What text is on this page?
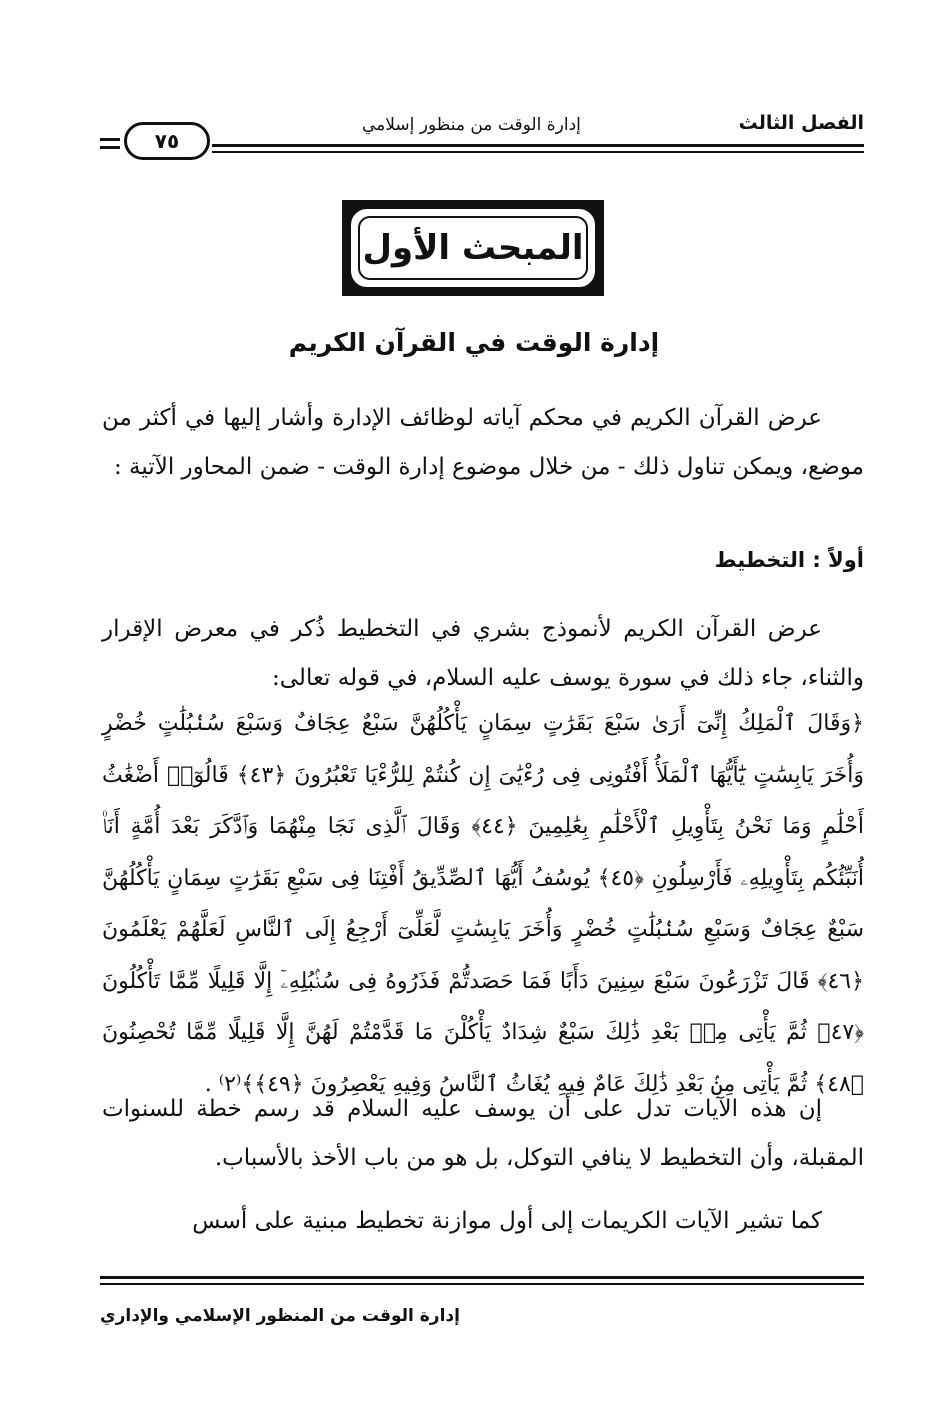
الفصل الثالث
إدارة الوقت من منظور إسلامي
٧٥
المبحث الأول
إدارة الوقت في القرآن الكريم

عرض القرآن الكريم في محكم آياته لوظائف الإدارة وأشار إليها في أكثر من موضع، ويمكن تناول ذلك - من خلال موضوع إدارة الوقت - ضمن المحاور الآتية :

أولاً : التخطيط

عرض القرآن الكريم لأنموذج بشري في التخطيط ذُكر في معرض الإقرار والثناء، جاء ذلك في سورة يوسف عليه السلام، في قوله تعالى:

﴿وَقَالَ ٱلْمَلِكُ إِنِّىٓ أَرَىٰ سَبْعَ بَقَرَٰتٍ سِمَانٍ يَأْكُلُهُنَّ سَبْعٌ عِجَافٌ وَسَبْعَ سُنۢبُلَٰتٍ خُضْرٍ وَأُخَرَ يَابِسَٰتٍ يَٰٓأَيُّهَا ٱلْمَلَأُ أَفْتُونِى فِى رُءْيَٰىَ إِن كُنتُمْ لِلرُّءْيَا تَعْبُرُونَ ﴿٤٣﴾ قَالُوٓا۟ أَضْغَٰثُ أَحْلَٰمٍ وَمَا نَحْنُ بِتَأْوِيلِ ٱلْأَحْلَٰمِ بِعَٰلِمِينَ ﴿٤٤﴾ وَقَالَ ٱلَّذِى نَجَا مِنْهُمَا وَٱدَّكَرَ بَعْدَ أُمَّةٍ أَنَا۠ أُنَبِّئُكُم بِتَأْوِيلِهِۦ فَأَرْسِلُونِ ﴿٤٥﴾ يُوسُفُ أَيُّهَا ٱلصِّدِّيقُ أَفْتِنَا فِى سَبْعِ بَقَرَٰتٍ سِمَانٍ يَأْكُلُهُنَّ سَبْعٌ عِجَافٌ وَسَبْعِ سُنۢبُلَٰتٍ خُضْرٍ وَأُخَرَ يَابِسَٰتٍ لَّعَلِّىٓ أَرْجِعُ إِلَى ٱلنَّاسِ لَعَلَّهُمْ يَعْلَمُونَ ﴿٤٦﴾ قَالَ تَزْرَعُونَ سَبْعَ سِنِينَ دَأَبًا فَمَا حَصَدتُّمْ فَذَرُوهُ فِى سُنۢبُلِهِۦٓ إِلَّا قَلِيلًا مِّمَّا تَأْكُلُونَ ﴿٤٧﴾ ثُمَّ يَأْتِى مِنۢ بَعْدِ ذَٰلِكَ سَبْعٌ شِدَادٌ يَأْكُلْنَ مَا قَدَّمْتُمْ لَهُنَّ إِلَّا قَلِيلًا مِّمَّا تُحْصِنُونَ ﴿٤٨﴾ ثُمَّ يَأْتِى مِنۢ بَعْدِ ذَٰلِكَ عَامٌ فِيهِ يُغَاثُ ٱلنَّاسُ وَفِيهِ يَعْصِرُونَ ﴿٤٩﴾﴾⁽٢⁾ .

إن هذه الآيات تدل على أن يوسف عليه السلام قد رسم خطة للسنوات المقبلة، وأن التخطيط لا ينافي التوكل، بل هو من باب الأخذ بالأسباب.

كما تشير الآيات الكريمات إلى أول موازنة تخطيط مبنية على أسس

إدارة الوقت من المنظور الإسلامي والإداري
